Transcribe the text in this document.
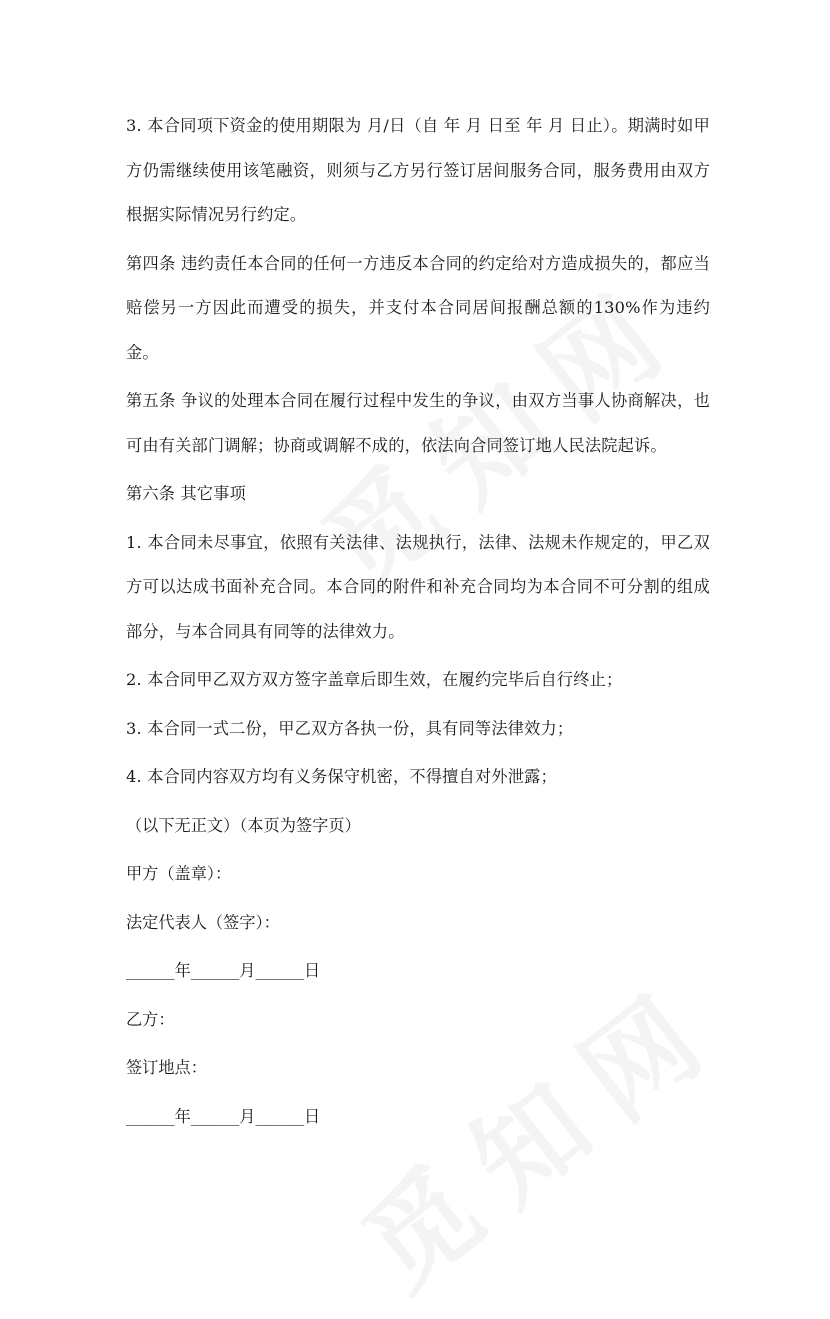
3. 本合同项下资金的使用期限为 月/日（自 年 月 日至 年 月 日止）。期满时如甲方仍需继续使用该笔融资，则须与乙方另行签订居间服务合同，服务费用由双方根据实际情况另行约定。

第四条 违约责任本合同的任何一方违反本合同的约定给对方造成损失的，都应当赔偿另一方因此而遭受的损失，并支付本合同居间报酬总额的130%作为违约金。

第五条 争议的处理本合同在履行过程中发生的争议，由双方当事人协商解决，也可由有关部门调解；协商或调解不成的，依法向合同签订地人民法院起诉。

第六条 其它事项

1. 本合同未尽事宜，依照有关法律、法规执行，法律、法规未作规定的，甲乙双方可以达成书面补充合同。本合同的附件和补充合同均为本合同不可分割的组成部分，与本合同具有同等的法律效力。

2. 本合同甲乙双方双方签字盖章后即生效，在履约完毕后自行终止；

3. 本合同一式二份，甲乙双方各执一份，具有同等法律效力；

4. 本合同内容双方均有义务保守机密，不得擅自对外泄露；

（以下无正文）（本页为签字页）

甲方（盖章）：

法定代表人（签字）：

______年______月______日

乙方：

签订地点：

______年______月______日
